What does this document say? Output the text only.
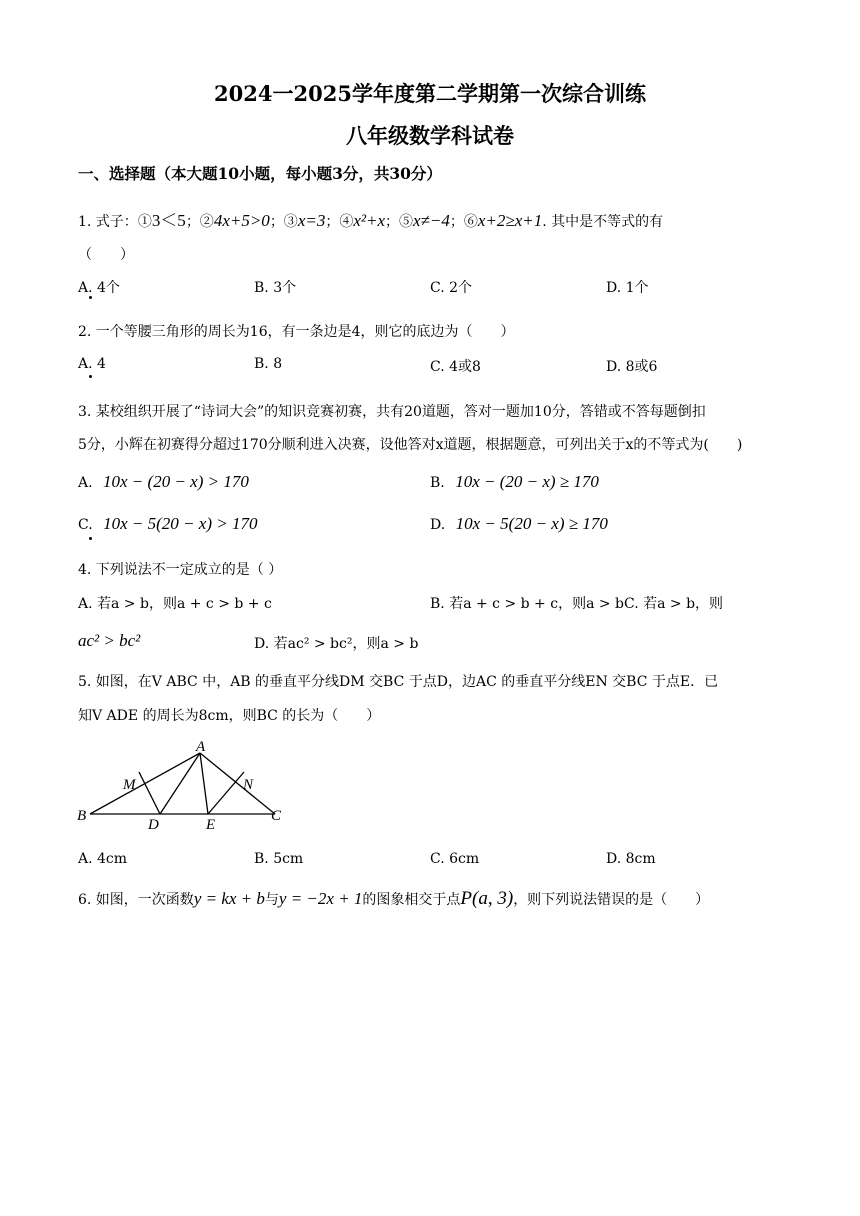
2024一2025学年度第二学期第一次综合训练
八年级数学科试卷
一、选择题（本大题10小题，每小题3分，共30分）
1. 式子：①3＜5；②4x+5>0；③x=3；④x²+x；⑤x≠−4；⑥x+2≥x+1. 其中是不等式的有
（　　）
A. 4个	B. 3个	C. 2个	D. 1个
2. 一个等腰三角形的周长为16，有一条边是4，则它的底边为（　　）
A. 4	B. 8	C. 4或8	D. 8或6
3. 某校组织开展了“诗词大会”的知识竞赛初赛，共有20道题，答对一题加10分，答错或不答每题倒扣
5分，小辉在初赛得分超过170分顺利进入决赛，设他答对x道题，根据题意，可列出关于x的不等式为(　　)
A. 10x − (20 − x) > 170	B. 10x − (20 − x) ≥ 170
C. 10x − 5(20 − x) > 170	D. 10x − 5(20 − x) ≥ 170
4. 下列说法不一定成立的是（ ）
A. 若a > b，则a + c > b + c	B. 若a + c > b + c，则a > b C. 若a > b，则
ac² > bc²	D. 若ac² > bc²，则a > b
5. 如图，在V ABC 中，AB 的垂直平分线DM 交BC 于点D，边AC 的垂直平分线EN 交BC 于点E．已
知V ADE 的周长为8cm，则BC 的长为（　　）
A
M	N
B
D	E
C
A. 4cm	B. 5cm	C. 6cm	D. 8cm
6. 如图，一次函数y = kx + b与y = −2x + 1的图象相交于点P(a, 3)，则下列说法错误的是（　　）
